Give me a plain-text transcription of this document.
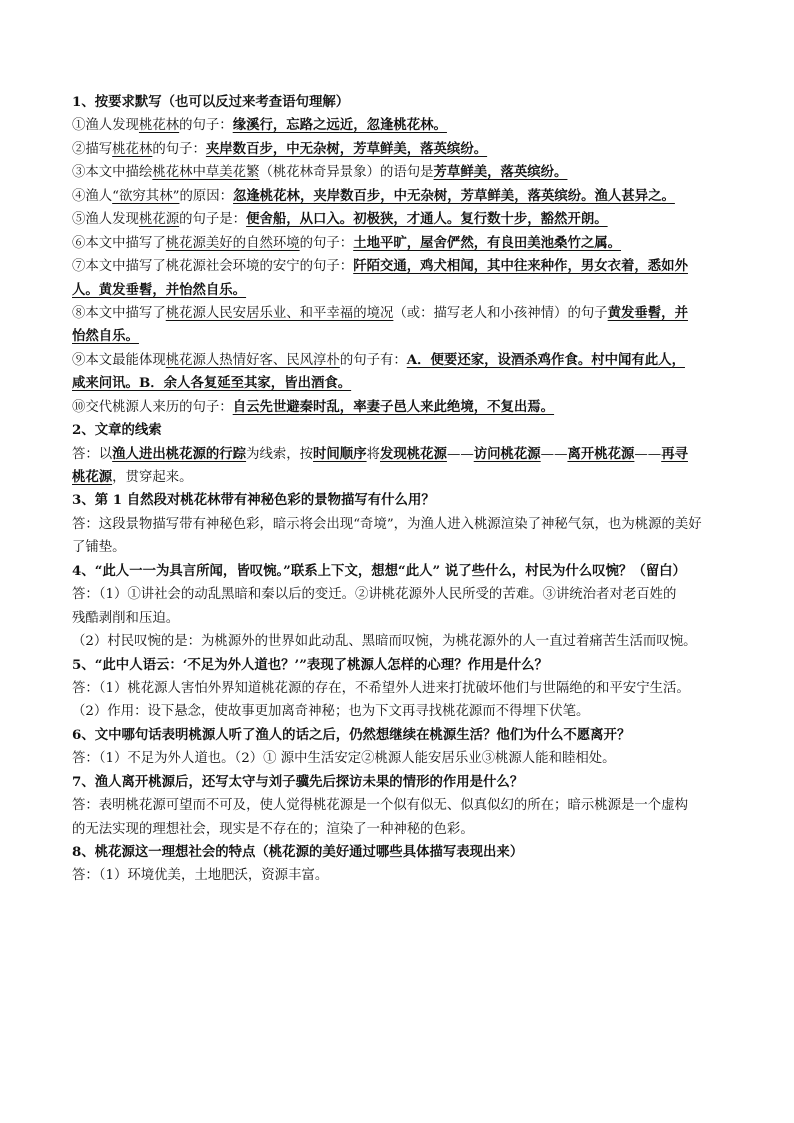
1、按要求默写（也可以反过来考查语句理解）
①渔人发现桃花林的句子：缘溪行，忘路之远近，忽逢桃花林。
②描写桃花林的句子：夹岸数百步，中无杂树，芳草鲜美，落英缤纷。
③本文中描绘桃花林中草美花繁（桃花林奇异景象）的语句是芳草鲜美，落英缤纷。
④渔人“欲穷其林”的原因：忽逢桃花林，夹岸数百步，中无杂树，芳草鲜美，落英缤纷。渔人甚异之。
⑤渔人发现桃花源的句子是：便舍船，从口入。初极狭，才通人。复行数十步，豁然开朗。
⑥本文中描写了桃花源美好的自然环境的句子：土地平旷，屋舍俨然，有良田美池桑竹之属。
⑦本文中描写了桃花源社会环境的安宁的句子：阡陌交通，鸡犬相闻，其中往来种作，男女衣着，悉如外
人。黄发垂髫，并怡然自乐。
⑧本文中描写了桃花源人民安居乐业、和平幸福的境况（或：描写老人和小孩神情）的句子黄发垂髫，并
怡然自乐。
⑨本文最能体现桃花源人热情好客、民风淳朴的句子有：A．便要还家，设酒杀鸡作食。村中闻有此人，
咸来问讯。B．余人各复延至其家，皆出酒食。
⑩交代桃源人来历的句子：自云先世避秦时乱，率妻子邑人来此绝境，不复出焉。
2、文章的线索
答：以渔人进出桃花源的行踪为线索，按时间顺序将发现桃花源——访问桃花源——离开桃花源——再寻
桃花源，贯穿起来。
3、第 1 自然段对桃花林带有神秘色彩的景物描写有什么用？
答：这段景物描写带有神秘色彩，暗示将会出现“奇境”，为渔人进入桃源渲染了神秘气氛，也为桃源的美好
了铺垫。
4、“此人一一为具言所闻，皆叹惋。”联系上下文，想想“此人” 说了些什么，村民为什么叹惋？（留白）
答：（1）①讲社会的动乱黑暗和秦以后的变迁。②讲桃花源外人民所受的苦难。③讲统治者对老百姓的
残酷剥削和压迫。
（2）村民叹惋的是：为桃源外的世界如此动乱、黑暗而叹惋，为桃花源外的人一直过着痛苦生活而叹惋。
5、“此中人语云：‘不足为外人道也？’”表现了桃源人怎样的心理？作用是什么？
答：（1）桃花源人害怕外界知道桃花源的存在，不希望外人进来打扰破坏他们与世隔绝的和平安宁生活。
（2）作用：设下悬念，使故事更加离奇神秘；也为下文再寻找桃花源而不得埋下伏笔。
6、文中哪句话表明桃源人听了渔人的话之后，仍然想继续在桃源生活？他们为什么不愿离开？
答：（1）不足为外人道也。（2）① 源中生活安定②桃源人能安居乐业③桃源人能和睦相处。
7、渔人离开桃源后，还写太守与刘子骥先后探访未果的情形的作用是什么？
答：表明桃花源可望而不可及，使人觉得桃花源是一个似有似无、似真似幻的所在；暗示桃源是一个虚构
的无法实现的理想社会，现实是不存在的；渲染了一种神秘的色彩。
8、桃花源这一理想社会的特点（桃花源的美好通过哪些具体描写表现出来）
答：（1）环境优美，土地肥沃，资源丰富。
